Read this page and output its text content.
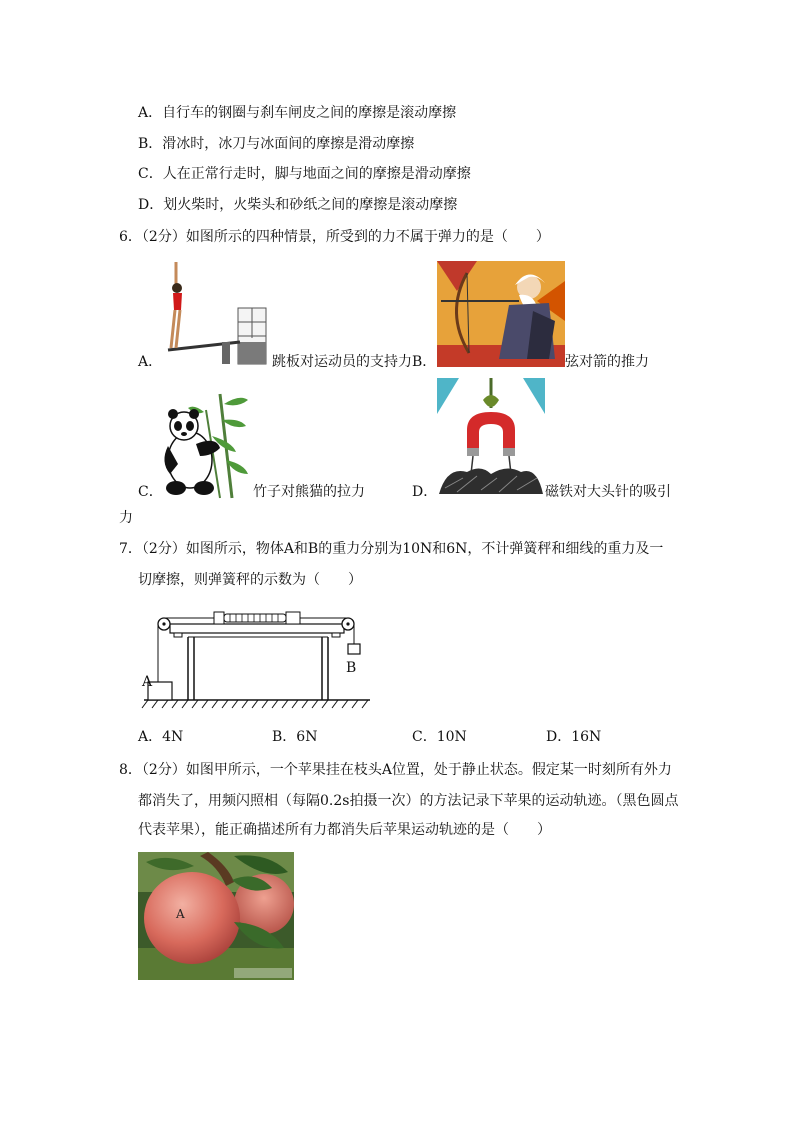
A．自行车的钢圈与刹车闸皮之间的摩擦是滚动摩擦
B．滑冰时，冰刀与冰面间的摩擦是滑动摩擦
C．人在正常行走时，脚与地面之间的摩擦是滑动摩擦
D．划火柴时，火柴头和砂纸之间的摩擦是滚动摩擦
6．（2分）如图所示的四种情景，所受到的力不属于弹力的是（　　）
A．	跳板对运动员的支持力 B．	弦对箭的推力
C．	竹子对熊猫的拉力	D．	磁铁对大头针的吸引
力
7．（2分）如图所示，物体A和B的重力分别为10N和6N，不计弹簧秤和细线的重力及一
切摩擦，则弹簧秤的示数为（　　）
A
B
A．4N	B．6N	C．10N	D．16N
8．（2分）如图甲所示，一个苹果挂在枝头A位置，处于静止状态。假定某一时刻所有外力
都消失了，用频闪照相（每隔0.2s拍摄一次）的方法记录下苹果的运动轨迹。（黑色圆点
代表苹果），能正确描述所有力都消失后苹果运动轨迹的是（　　）
A
